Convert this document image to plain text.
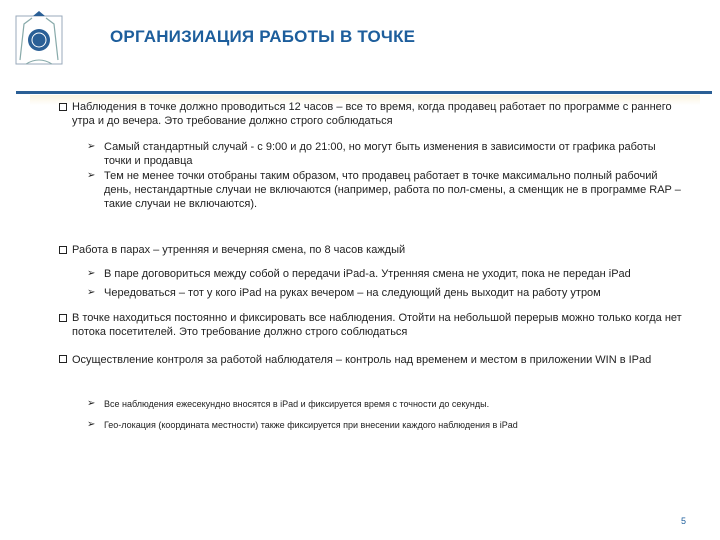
ОРГАНИЗИАЦИЯ РАБОТЫ В ТОЧКЕ
Наблюдения в точке должно проводиться 12 часов – все то время, когда продавец работает по программе с раннего утра и до вечера. Это требование должно строго соблюдаться
➢ Самый стандартный случай - с 9:00 и до 21:00, но могут быть изменения в зависимости от графика работы точки и продавца
➢ Тем не менее точки отобраны таким образом, что продавец работает в точке максимально полный рабочий день, нестандартные случаи не включаются (например, работа по пол-смены, а сменщик не в программе RAP – такие случаи не включаются).
Работа в парах – утренняя и вечерняя смена, по 8 часов каждый
➢ В паре договориться между собой о передачи iPad-а. Утренняя смена не уходит, пока не передан iPad
➢ Чередоваться – тот у кого iPad на руках вечером – на следующий день выходит на работу утром
В точке находиться постоянно и фиксировать все наблюдения. Отойти на небольшой перерыв можно только когда нет потока посетителей. Это требование должно строго соблюдаться
Осуществление контроля за работой наблюдателя – контроль над временем и местом в приложении WIN в IPad
➢ Все наблюдения ежесекундно вносятся в iPad и фиксируется время с точности до секунды.
➢ Гео-локация (координата местности) также фиксируется при внесении каждого наблюдения в iPad
5
